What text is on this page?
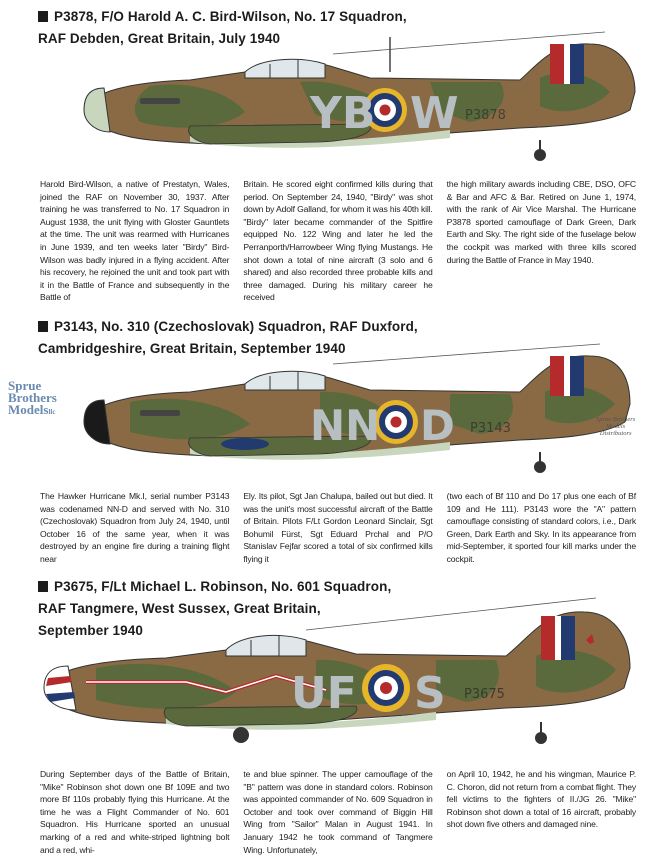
P3878, F/O Harold A. C. Bird-Wilson, No. 17 Squadron,
RAF Debden, Great Britain, July 1940
YB W P3878
Harold Bird-Wilson, a native of Prestatyn, Wales, joined the RAF on November 30, 1937. After training he was transferred to No. 17 Squadron in August 1938, the unit flying with Gloster Gauntlets at the time. The unit was rearmed with Hurricanes in June 1939, and ten weeks later "Birdy" Bird-Wilson was badly injured in a flying accident. After his recovery, he rejoined the unit and took part with it in the Battle of France and subsequently in the Battle of
Britain. He scored eight confirmed kills during that period. On September 24, 1940, "Birdy" was shot down by Adolf Galland, for whom it was his 40th kill. "Birdy" later became commander of the Spitfire equipped No. 122 Wing and later he led the Perranporth/Harrowbeer Wing flying Mustangs. He shot down a total of nine aircraft (3 solo and 6 shared) and also recorded three probable kills and three damaged. During his military career he received
the high military awards including CBE, DSO, OFC & Bar and AFC & Bar. Retired on June 1, 1974, with the rank of Air Vice Marshal. The Hurricane P3878 sported camouflage of Dark Green, Dark Earth and Sky. The right side of the fuselage below the cockpit was marked with three kills scored during the Battle of France in May 1940.
P3143, No. 310 (Czechoslovak) Squadron, RAF Duxford,
Cambridgeshire, Great Britain, September 1940
Sprue
Brothers
Modelsllc	NN D P3143
Sprue Brothers
Models
Distributors
The Hawker Hurricane Mk.I, serial number P3143 was codenamed NN-D and served with No. 310 (Czechoslovak) Squadron from July 24, 1940, until October 16 of the same year, when it was destroyed by an engine fire during a training flight near
Ely. Its pilot, Sgt Jan Chalupa, bailed out but died. It was the unit's most successful aircraft of the Battle of Britain. Pilots F/Lt Gordon Leonard Sinclair, Sgt Bohumil Fürst, Sgt Eduard Prchal and P/O Stanislav Fejfar scored a total of six confirmed kills flying it
(two each of Bf 110 and Do 17 plus one each of Bf 109 and He 111). P3143 wore the "A" pattern camouflage consisting of standard colors, i.e., Dark Green, Dark Earth and Sky. In its appearance from mid-September, it sported four kill marks under the cockpit.
P3675, F/Lt Michael L. Robinson, No. 601 Squadron,
RAF Tangmere, West Sussex, Great Britain,
September 1940
UF S P3675
During September days of the Battle of Britain, "Mike" Robinson shot down one Bf 109E and two more Bf 110s probably flying this Hurricane. At the time he was a Flight Commander of No. 601 Squadron. His Hurricane sported an unusual marking of a red and white-striped lightning bolt and a red, whi-
te and blue spinner. The upper camouflage of the "B" pattern was done in standard colors. Robinson was appointed commander of No. 609 Squadron in October and took over command of Biggin Hill Wing from "Sailor" Malan in August 1941. In January 1942 he took command of Tangmere Wing. Unfortunately,
on April 10, 1942, he and his wingman, Maurice P. C. Choron, did not return from a combat flight. They fell victims to the fighters of II./JG 26. "Mike" Robinson shot down a total of 16 aircraft, probably shot down five others and damaged nine.
